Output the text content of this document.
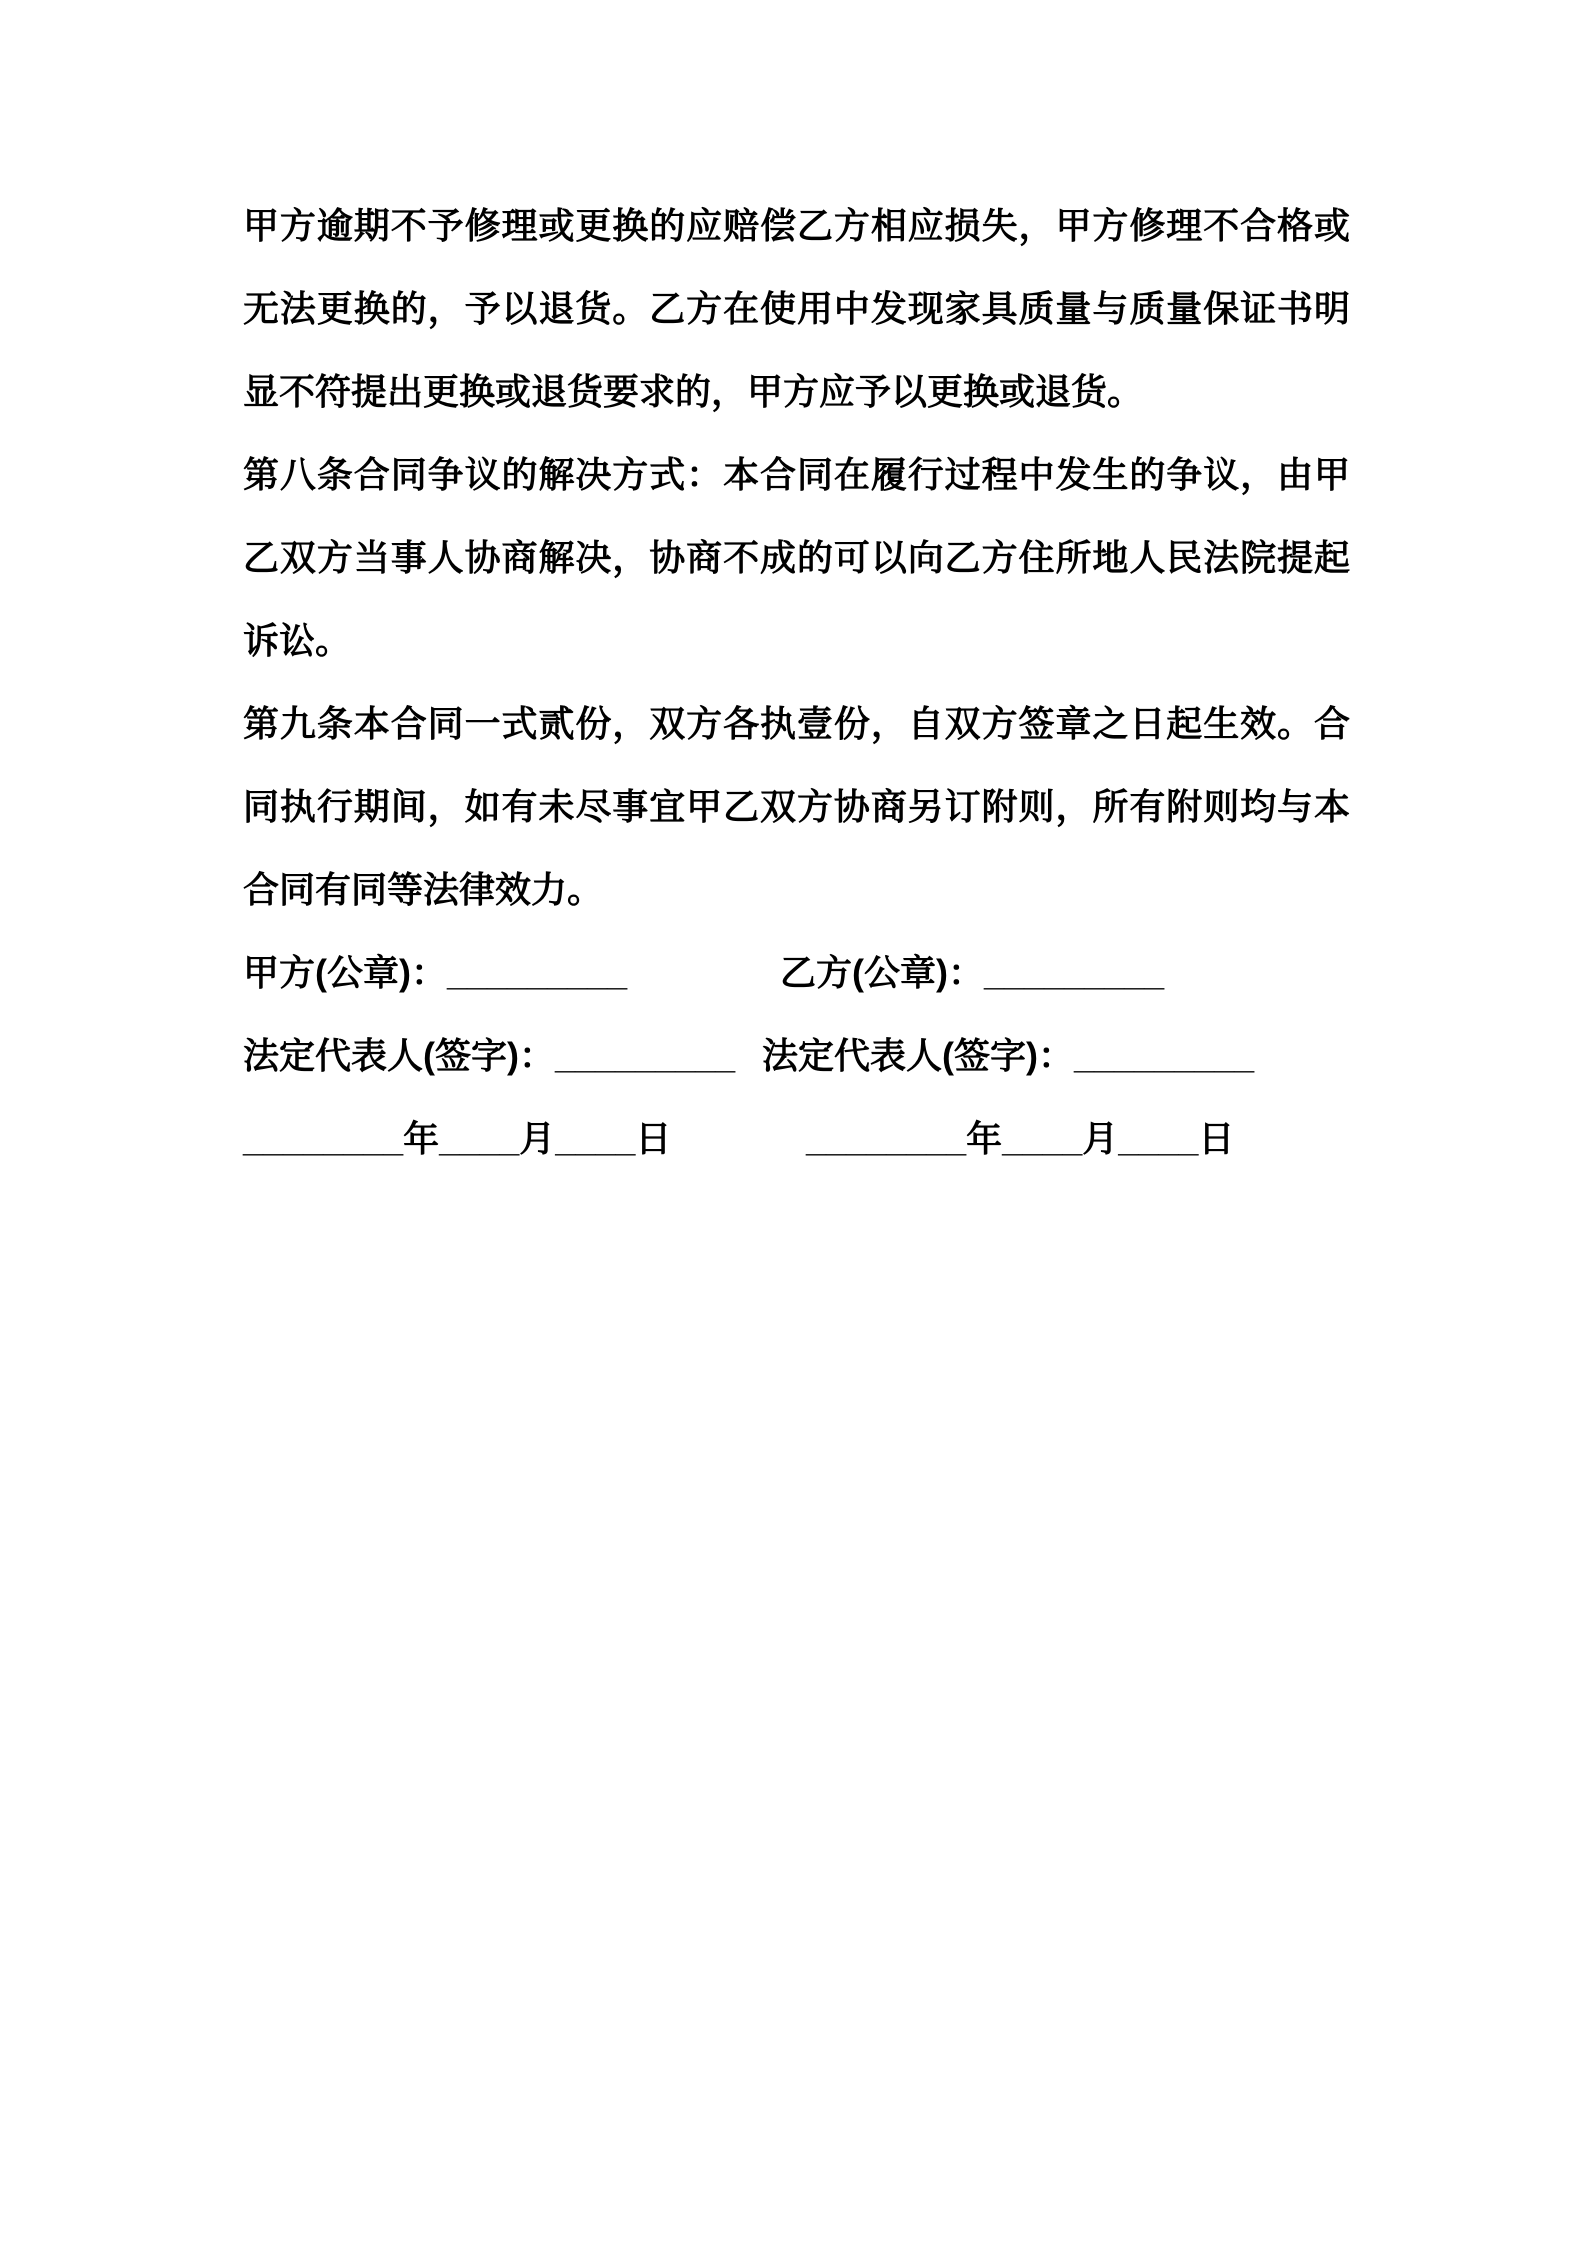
甲方逾期不予修理或更换的应赔偿乙方相应损失，甲方修理不合格或
无法更换的，予以退货。乙方在使用中发现家具质量与质量保证书明
显不符提出更换或退货要求的，甲方应予以更换或退货。
第八条合同争议的解决方式：本合同在履行过程中发生的争议，由甲
乙双方当事人协商解决，协商不成的可以向乙方住所地人民法院提起
诉讼。
第九条本合同一式贰份，双方各执壹份，自双方签章之日起生效。合
同执行期间，如有未尽事宜甲乙双方协商另订附则，所有附则均与本
合同有同等法律效力。
甲方(公章)：_________	乙方(公章)：_________
法定代表人(签字)：_________ 法定代表人(签字)：_________
________年____月____日	________年____月____日
